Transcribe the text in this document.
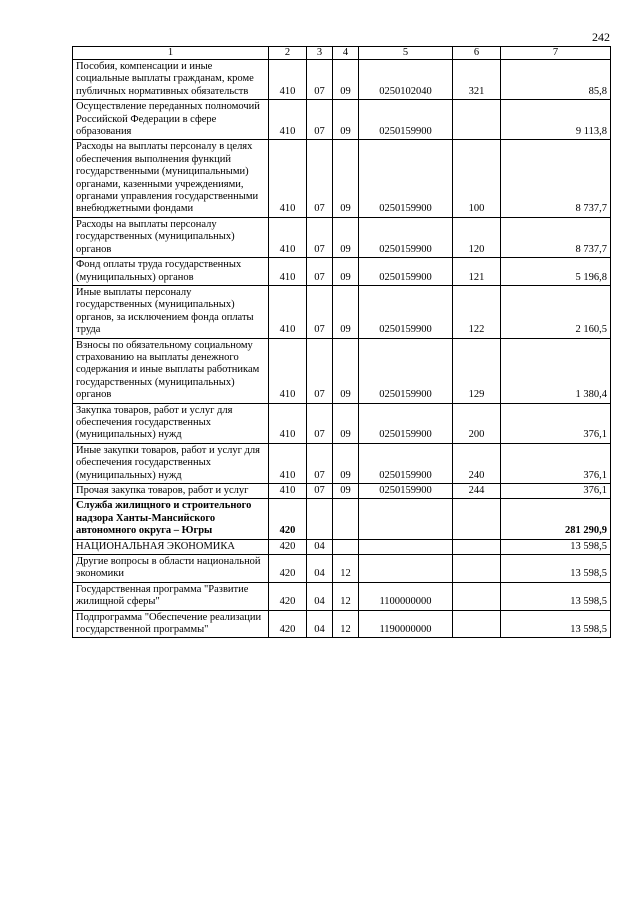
242
1	2	3	4	5	6	7
Пособия, компенсации и иные социальные выплаты гражданам, кроме публичных нормативных обязательств	410	07	09	0250102040	321	85,8
Осуществление переданных полномочий Российской Федерации в сфере образования	410	07	09	0250159900		9 113,8
Расходы на выплаты персоналу в целях обеспечения выполнения функций государственными (муниципальными) органами, казенными учреждениями, органами управления государственными внебюджетными фондами	410	07	09	0250159900	100	8 737,7
Расходы на выплаты персоналу государственных (муниципальных) органов	410	07	09	0250159900	120	8 737,7
Фонд оплаты труда государственных (муниципальных) органов	410	07	09	0250159900	121	5 196,8
Иные выплаты персоналу государственных (муниципальных) органов, за исключением фонда оплаты труда	410	07	09	0250159900	122	2 160,5
Взносы по обязательному социальному страхованию на выплаты денежного содержания и иные выплаты работникам государственных (муниципальных) органов	410	07	09	0250159900	129	1 380,4
Закупка товаров, работ и услуг для обеспечения государственных (муниципальных) нужд	410	07	09	0250159900	200	376,1
Иные закупки товаров, работ и услуг для обеспечения государственных (муниципальных) нужд	410	07	09	0250159900	240	376,1
Прочая закупка товаров, работ и услуг	410	07	09	0250159900	244	376,1
Служба жилищного и строительного надзора Ханты-Мансийского автономного округа – Югры	420					281 290,9
НАЦИОНАЛЬНАЯ ЭКОНОМИКА	420	04				13 598,5
Другие вопросы в области национальной экономики	420	04	12			13 598,5
Государственная программа "Развитие жилищной сферы"	420	04	12	1100000000		13 598,5
Подпрограмма "Обеспечение реализации государственной программы"	420	04	12	1190000000		13 598,5
